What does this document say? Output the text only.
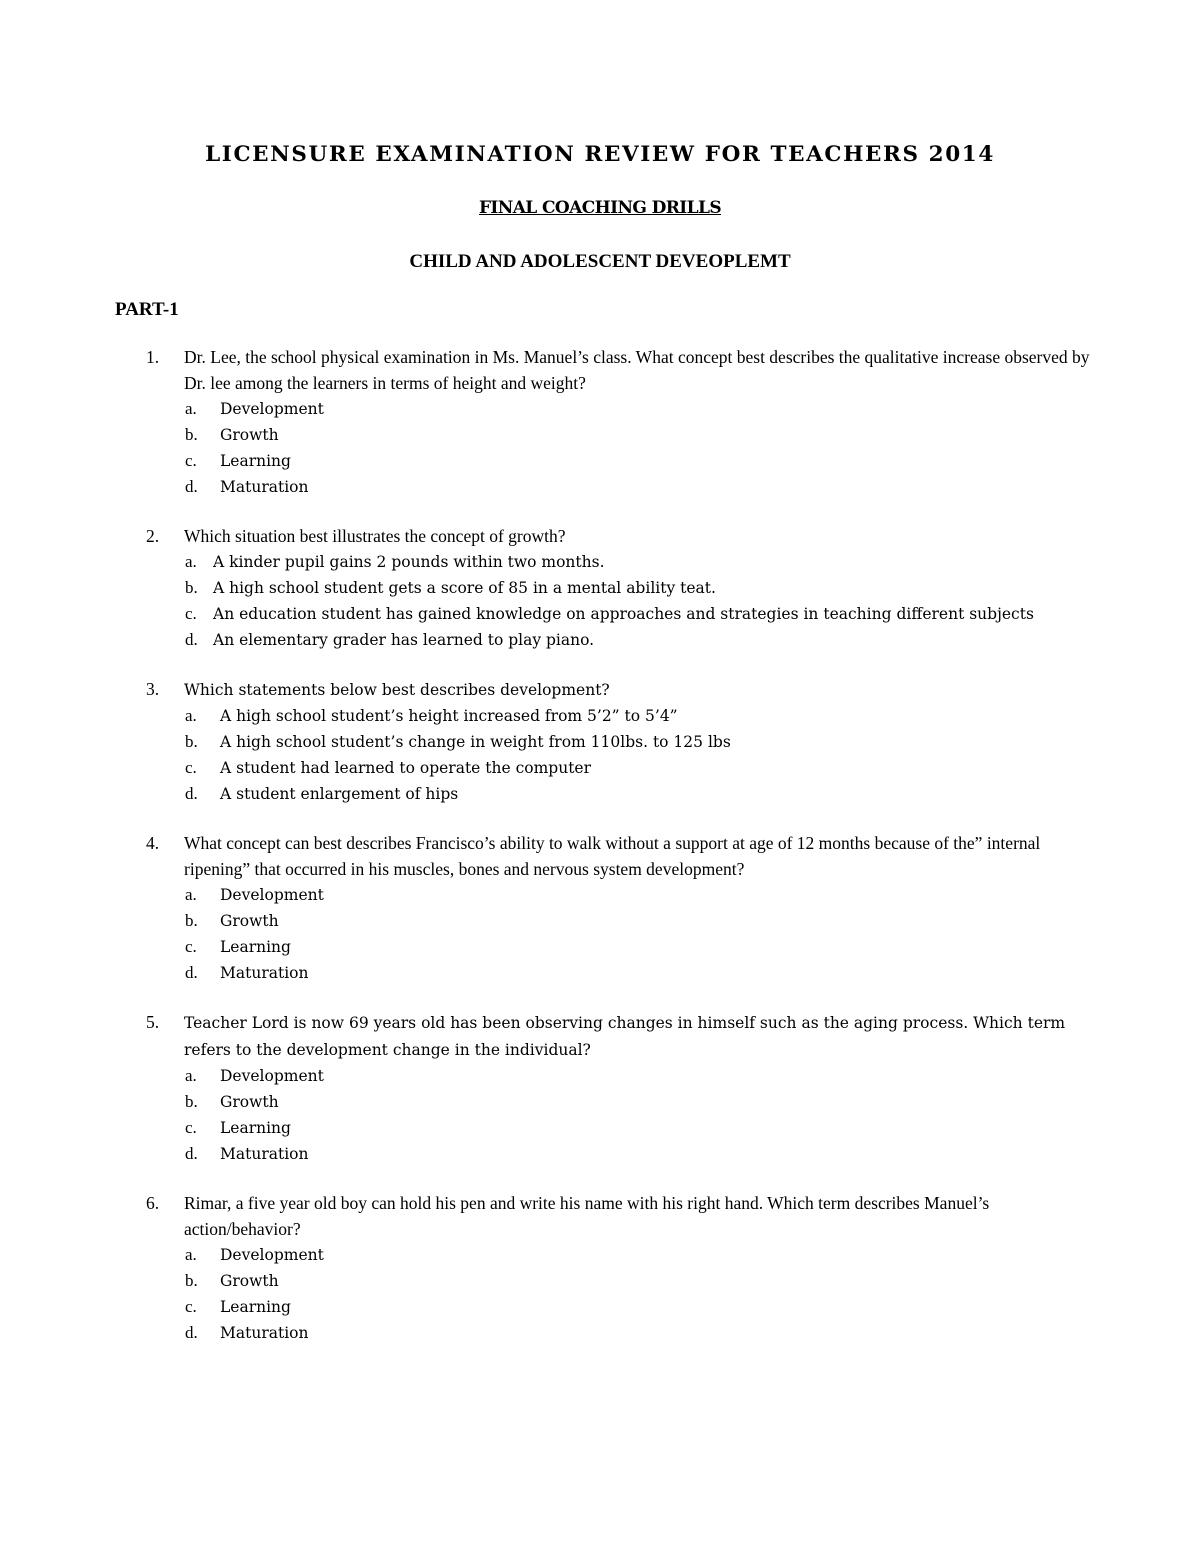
LICENSURE EXAMINATION REVIEW FOR TEACHERS 2014
FINAL COACHING DRILLS
CHILD AND ADOLESCENT DEVEOPLEMT
PART-1
1. Dr. Lee, the school physical examination in Ms. Manuel’s class. What concept best describes the qualitative increase observed by Dr. lee among the learners in terms of height and weight?
a. Development
b. Growth
c. Learning
d. Maturation
2. Which situation best illustrates the concept of growth?
a. A kinder pupil gains 2 pounds within two months.
b. A high school student gets a score of 85 in a mental ability teat.
c. An education student has gained knowledge on approaches and strategies in teaching different subjects
d. An elementary grader has learned to play piano.
3. Which statements below best describes development?
a. A high school student’s height increased from 5’2” to 5’4”
b. A high school student’s change in weight from 110lbs. to 125 lbs
c. A student had learned to operate the computer
d. A student enlargement of hips
4. What concept can best describes Francisco’s ability to walk without a support at age of 12 months because of the” internal ripening” that occurred in his muscles, bones and nervous system development?
a. Development
b. Growth
c. Learning
d. Maturation
5. Teacher Lord is now 69 years old has been observing changes in himself such as the aging process. Which term refers to the development change in the individual?
a. Development
b. Growth
c. Learning
d. Maturation
6. Rimar, a five year old boy can hold his pen and write his name with his right hand. Which term describes Manuel’s action/behavior?
a. Development
b. Growth
c. Learning
d. Maturation
